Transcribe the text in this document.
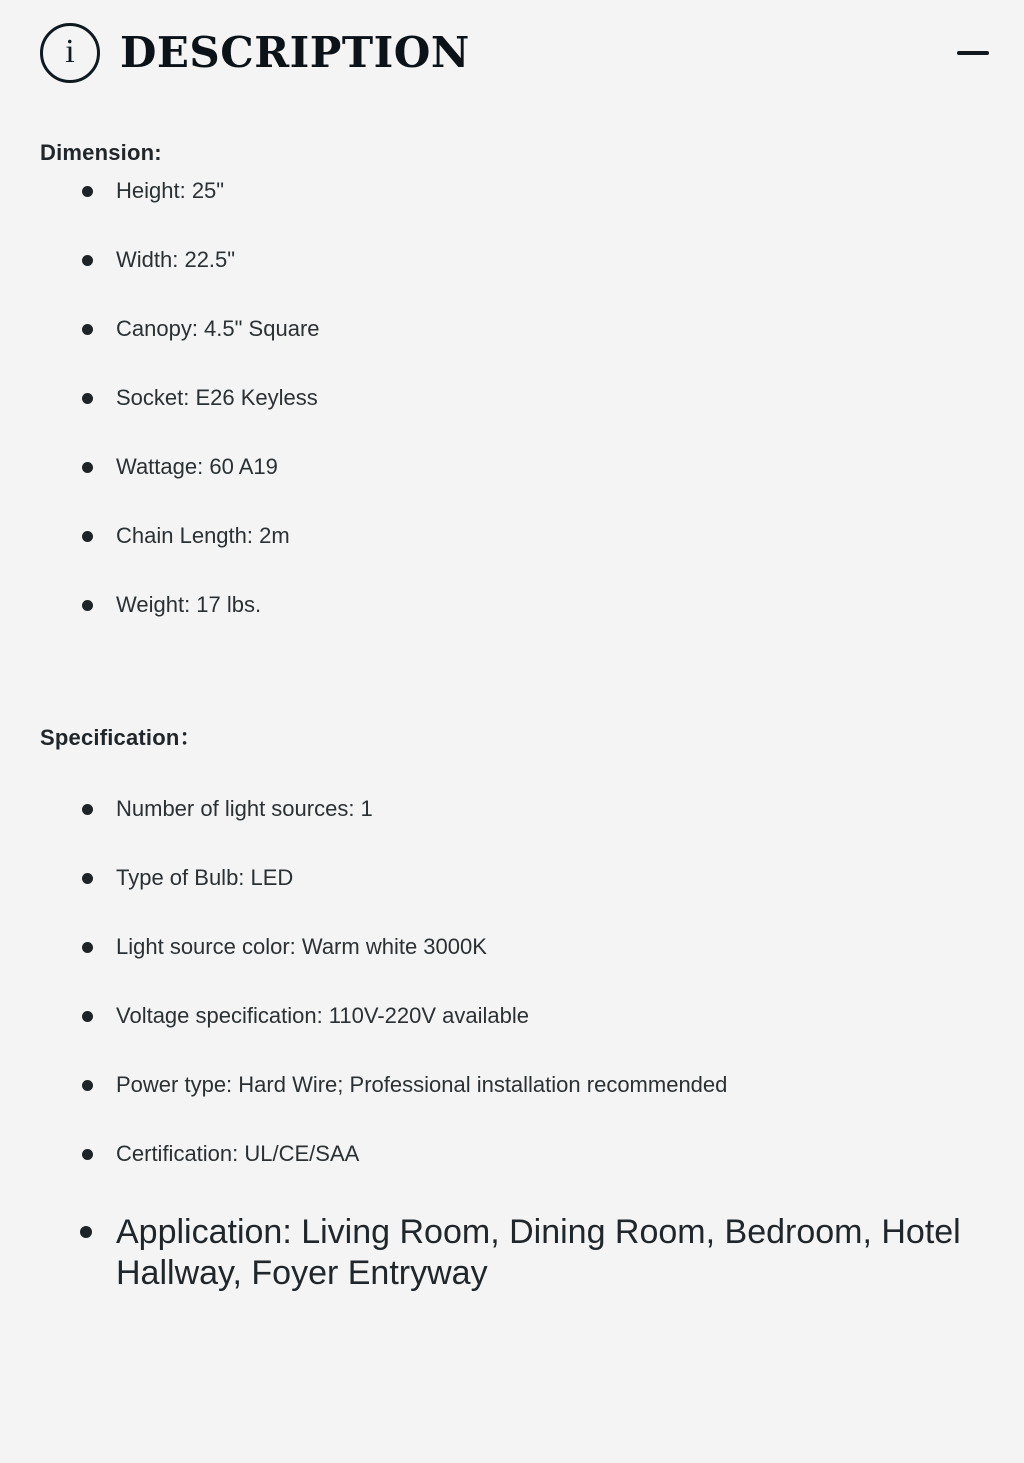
i DESCRIPTION
Dimension:
Height: 25"
Width: 22.5"
Canopy: 4.5" Square
Socket: E26 Keyless
Wattage: 60 A19
Chain Length: 2m
Weight: 17 lbs.
Specification：
Number of light sources: 1
Type of Bulb: LED
Light source color: Warm white 3000K
Voltage specification: 110V-220V available
Power type: Hard Wire; Professional installation recommended
Certification: UL/CE/SAA
Application: Living Room, Dining Room, Bedroom, Hotel Hallway, Foyer Entryway
